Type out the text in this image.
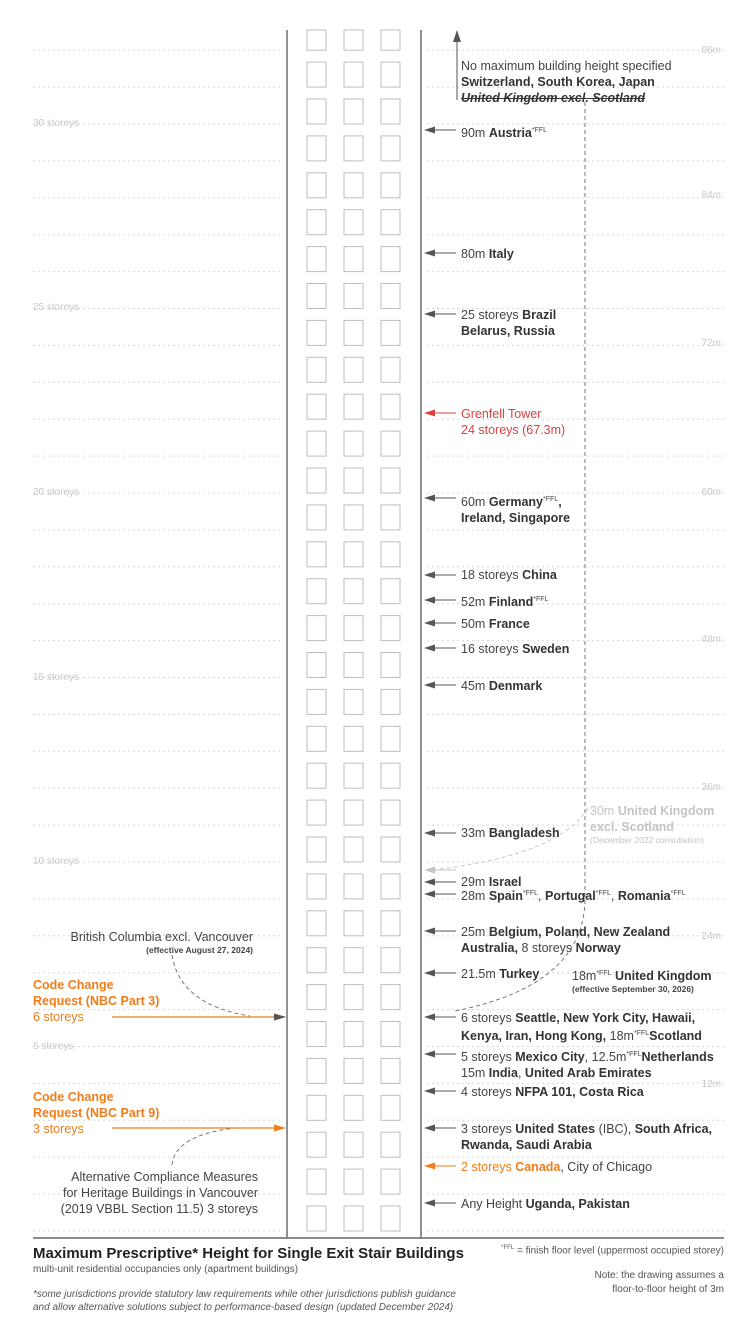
30 storeys
25 storeys
20 storeys
15 storeys
10 storeys
5 storeys
96m
84m
72m
60m
48m
36m
24m
12m
No maximum building height specified
Switzerland, South Korea, Japan
United Kingdom excl. Scotland
90m Austria$^{*FFL}$
80m Italy
25 storeys Brazil
Belarus, Russia
Grenfell Tower
24 storeys (67.3m)
60m Germany$^{*FFL}$,
Ireland, Singapore
18 storeys China
52m Finland$^{*FFL}$
50m France
16 storeys Sweden
45m Denmark
30m United Kingdom
excl. Scotland
(December 2022 consultation)
33m Bangladesh
29m Israel
28m Spain$^{*FFL}$, Portugal$^{*FFL}$, Romania$^{*FFL}$
25m Belgium, Poland, New Zealand
Australia, 8 storeys Norway
21.5m Turkey	$18m^{*FFL}$ United Kingdom
(effective September 30, 2026)
6 storeys Seattle, New York City, Hawaii,
Kenya, Iran, Hong Kong, $18m^{*FFL}Scotland$
5 storeys Mexico City, $12.5m^{*FFL}Netherlands$
15m India, United Arab Emirates
4 storeys NFPA 101, Costa Rica
3 storeys United States (IBC), South Africa,
Rwanda, Saudi Arabia
2 storeys Canada, City of Chicago
Any Height Uganda, Pakistan
British Columbia excl. Vancouver
(effective August 27, 2024)
Code Change
Request (NBC Part 3)
6 storeys
Code Change
Request (NBC Part 9)
3 storeys
Alternative Compliance Measures
for Heritage Buildings in Vancouver
(2019 VBBL Section 11.5) 3 storeys
Maximum Prescriptive* Height for Single Exit Stair Buildings
multi-unit residential occupancies only (apartment buildings)
*some jurisdictions provide statutory law requirements while other jurisdictions publish guidance
and allow alternative solutions subject to performance-based design (updated December 2024)
$^{*FFL}$ = finish floor level (uppermost occupied storey)
Note: the drawing assumes a
floor-to-floor height of 3m
